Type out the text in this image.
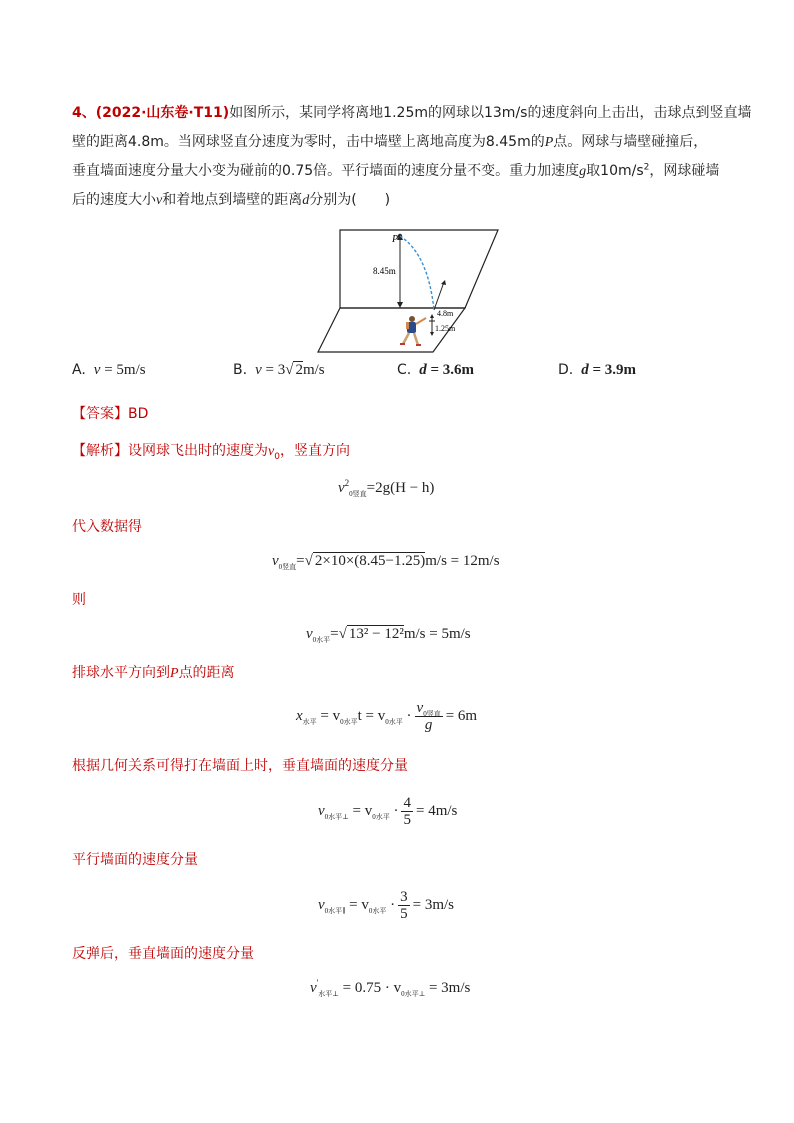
4、(2022·山东卷·T11)如图所示，某同学将离地1.25m的网球以13m/s的速度斜向上击出，击球点到竖直墙
壁的距离4.8m。当网球竖直分速度为零时，击中墙壁上离地高度为8.45m的P点。网球与墙壁碰撞后，
垂直墙面速度分量大小变为碰前的0.75倍。平行墙面的速度分量不变。重力加速度g取$10m/s^2$，网球碰墙
后的速度大小v和着地点到墙壁的距离d分别为(　　)
P
8.45m
4.8m
1.25m
A. v = 5m/s	B. v = 3√ 2m/s	C. d = 3.6m	D. d = 3.9m
【答案】BD
【解析】设网球飞出时的速度为$v_0$，竖直方向
$v^2_{0竖直}=2g(H - h)$
代入数据得
$v_{0竖直}=√$ 2×10×(8.45−1.25)m/s = 12m/s
则
$v_{0水平}=√$ 13² − 12²m/s = 5m/s
排球水平方向到P点的距离
$x_{水平} = v_{0水平}t = v_{0水平} \cdot \frac{v_{0竖直}}{g} = 6m$
根据几何关系可得打在墙面上时，垂直墙面的速度分量
$v_{0水平\perp} = v_{0水平} \cdot \frac{4}{5} = 4m/s$
平行墙面的速度分量
$v_{0水平\parallel} = v_{0水平} \cdot \frac{3}{5} = 3m/s$
反弹后，垂直墙面的速度分量
$v'_{水平\perp} = 0.75 \cdot v_{0水平\perp} = 3m/s$
